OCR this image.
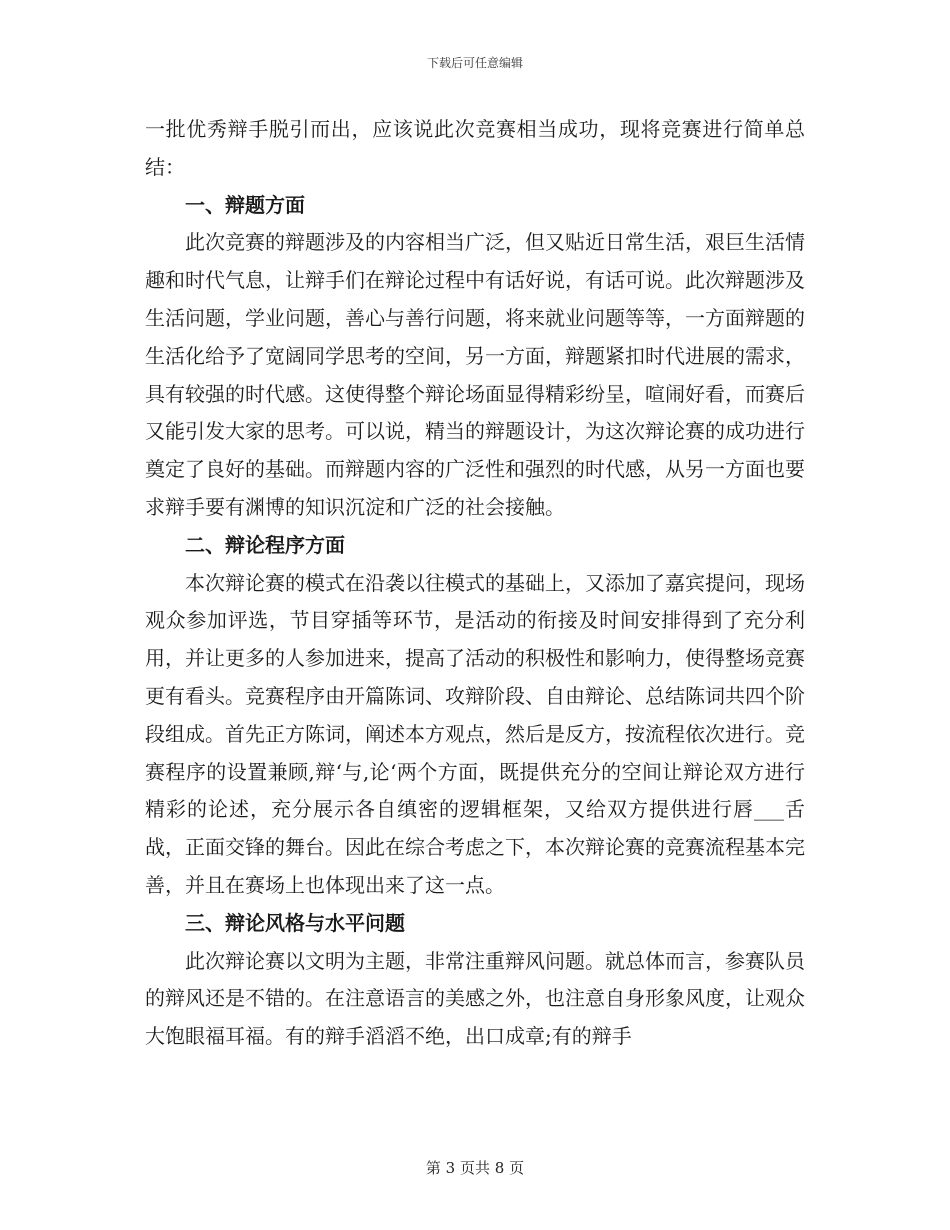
下载后可任意编辑

一批优秀辩手脱引而出，应该说此次竞赛相当成功，现将竞赛进行简单总结：

一、辩题方面

此次竞赛的辩题涉及的内容相当广泛，但又贴近日常生活，艰巨生活情趣和时代气息，让辩手们在辩论过程中有话好说，有话可说。此次辩题涉及生活问题，学业问题，善心与善行问题，将来就业问题等等，一方面辩题的生活化给予了宽阔同学思考的空间，另一方面，辩题紧扣时代进展的需求，具有较强的时代感。这使得整个辩论场面显得精彩纷呈，喧闹好看，而赛后又能引发大家的思考。可以说，精当的辩题设计，为这次辩论赛的成功进行奠定了良好的基础。而辩题内容的广泛性和强烈的时代感，从另一方面也要求辩手要有渊博的知识沉淀和广泛的社会接触。

二、辩论程序方面

本次辩论赛的模式在沿袭以往模式的基础上，又添加了嘉宾提问，现场观众参加评选，节目穿插等环节，是活动的衔接及时间安排得到了充分利用，并让更多的人参加进来，提高了活动的积极性和影响力，使得整场竞赛更有看头。竞赛程序由开篇陈词、攻辩阶段、自由辩论、总结陈词共四个阶段组成。首先正方陈词，阐述本方观点，然后是反方，按流程依次进行。竞赛程序的设置兼顾,辩‘与,论‘两个方面，既提供充分的空间让辩论双方进行精彩的论述，充分展示各自缜密的逻辑框架，又给双方提供进行唇___舌战，正面交锋的舞台。因此在综合考虑之下，本次辩论赛的竞赛流程基本完善，并且在赛场上也体现出来了这一点。

三、辩论风格与水平问题

此次辩论赛以文明为主题，非常注重辩风问题。就总体而言，参赛队员的辩风还是不错的。在注意语言的美感之外，也注意自身形象风度，让观众大饱眼福耳福。有的辩手滔滔不绝，出口成章;有的辩手

第 3 页共 8 页
